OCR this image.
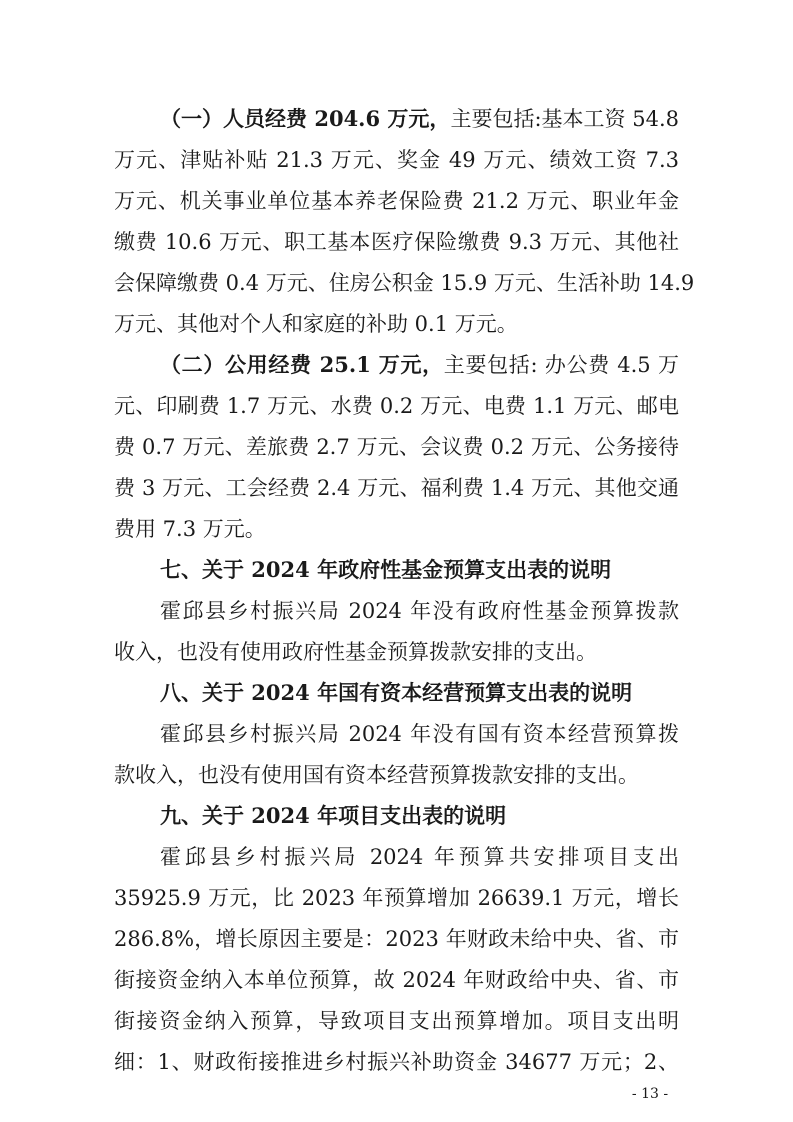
（一）人员经费 204.6 万元，主要包括:基本工资 54.8
万元、津贴补贴 21.3 万元、奖金 49 万元、绩效工资 7.3
万元、机关事业单位基本养老保险费 21.2 万元、职业年金
缴费 10.6 万元、职工基本医疗保险缴费 9.3 万元、其他社
会保障缴费 0.4 万元、住房公积金 15.9 万元、生活补助 14.9
万元、其他对个人和家庭的补助 0.1 万元。
（二）公用经费 25.1 万元，主要包括: 办公费 4.5 万
元、印刷费 1.7 万元、水费 0.2 万元、电费 1.1 万元、邮电
费 0.7 万元、差旅费 2.7 万元、会议费 0.2 万元、公务接待
费 3 万元、工会经费 2.4 万元、福利费 1.4 万元、其他交通
费用 7.3 万元。
七、关于 2024 年政府性基金预算支出表的说明
霍邱县乡村振兴局 2024 年没有政府性基金预算拨款
收入，也没有使用政府性基金预算拨款安排的支出。
八、关于 2024 年国有资本经营预算支出表的说明
霍邱县乡村振兴局 2024 年没有国有资本经营预算拨
款收入，也没有使用国有资本经营预算拨款安排的支出。
九、关于 2024 年项目支出表的说明
霍邱县乡村振兴局 2024 年预算共安排项目支出
35925.9 万元，比 2023 年预算增加 26639.1 万元，增长
286.8%，增长原因主要是：2023 年财政未给中央、省、市
街接资金纳入本单位预算，故 2024 年财政给中央、省、市
街接资金纳入预算，导致项目支出预算增加。项目支出明
细：1、财政衔接推进乡村振兴补助资金 34677 万元；2、
- 13 -
